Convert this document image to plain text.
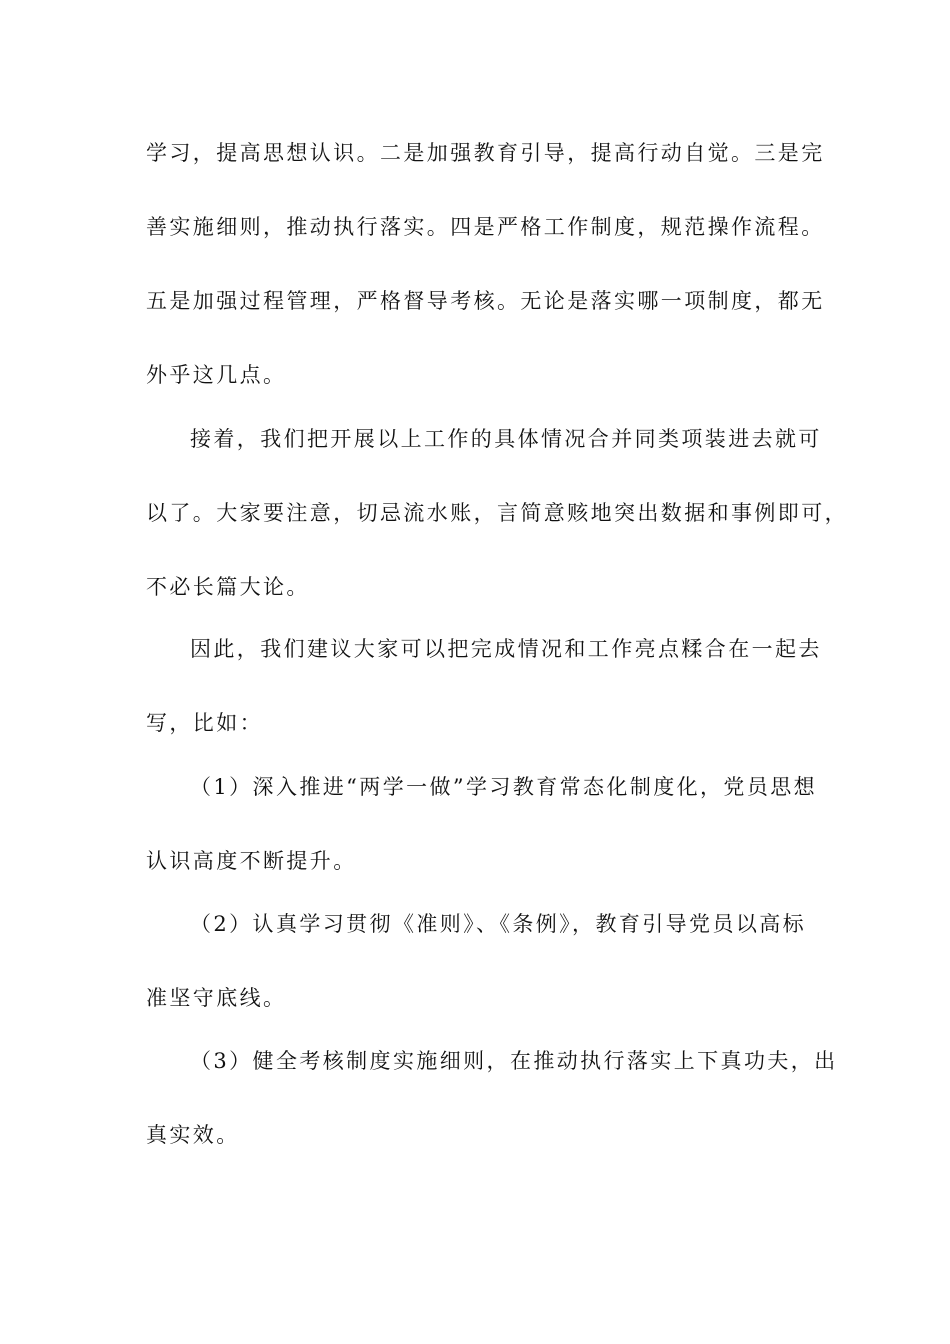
学习，提高思想认识。二是加强教育引导，提高行动自觉。三是完
善实施细则，推动执行落实。四是严格工作制度，规范操作流程。
五是加强过程管理，严格督导考核。无论是落实哪一项制度，都无
外乎这几点。
接着，我们把开展以上工作的具体情况合并同类项装进去就可
以了。大家要注意，切忌流水账，言简意赅地突出数据和事例即可，
不必长篇大论。
因此，我们建议大家可以把完成情况和工作亮点糅合在一起去
写，比如：
（1）深入推进“两学一做”学习教育常态化制度化，党员思想
认识高度不断提升。
（2）认真学习贯彻《准则》、《条例》，教育引导党员以高标
准坚守底线。
（3）健全考核制度实施细则，在推动执行落实上下真功夫，出
真实效。
